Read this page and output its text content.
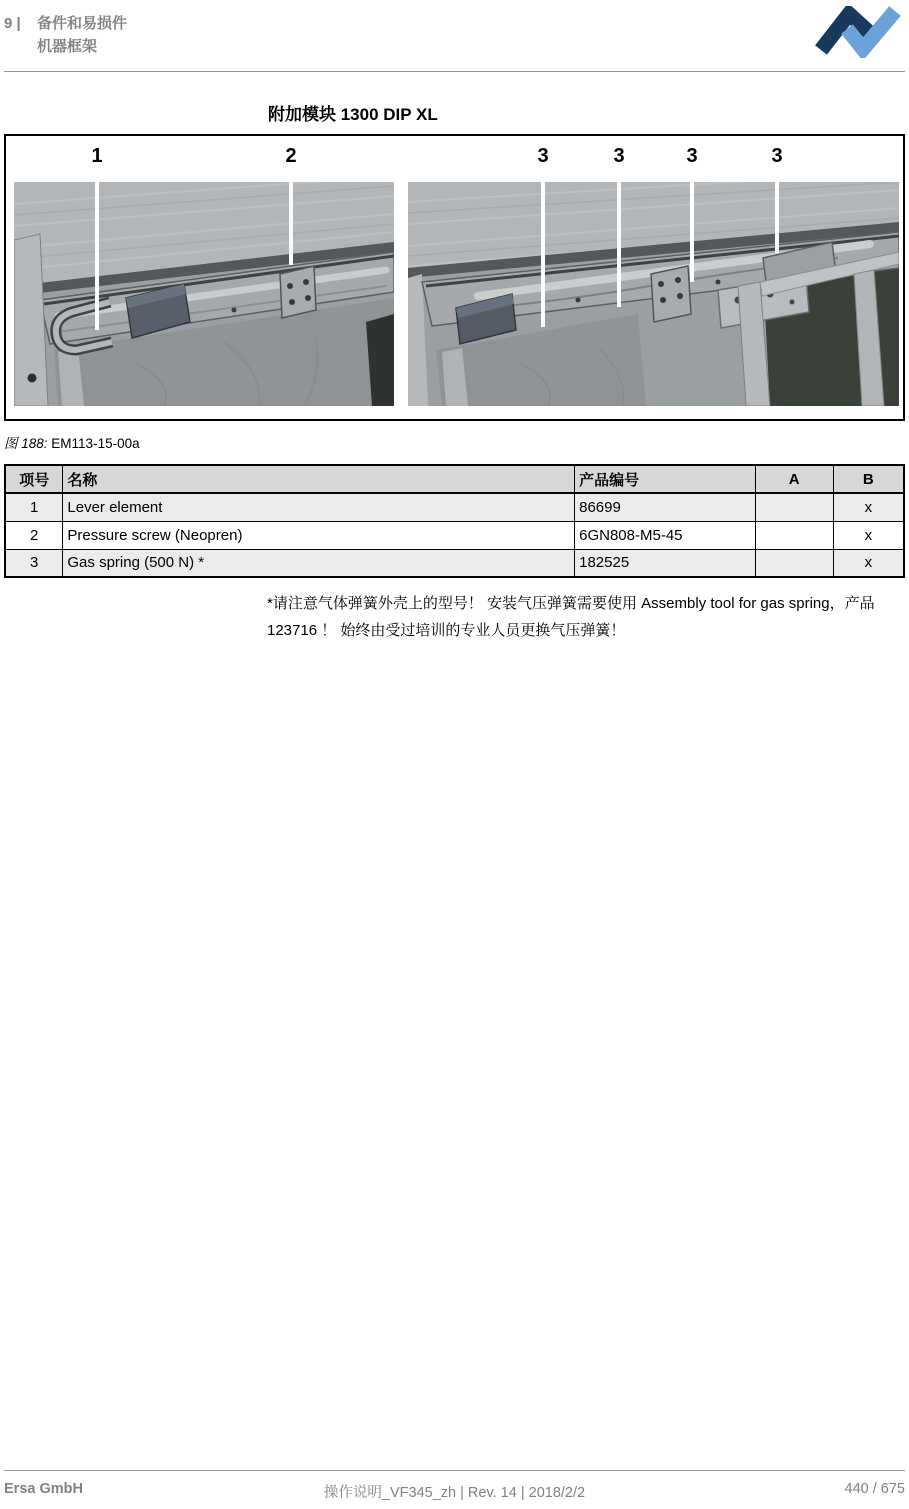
9 |	备件和易损件
机器框架
附加模块 1300 DIP XL
1	2	3	3	3	3
图 188: EM113-15-00a
项号	名称	产品编号	A	B
1	Lever element	86699		x
2	Pressure screw (Neopren)	6GN808-M5-45		x
3	Gas spring (500 N) *	182525		x
*请注意气体弹簧外壳上的型号！ 安装气压弹簧需要使用 Assembly tool for gas spring，产品 123716 ！ 始终由受过培训的专业人员更换气压弹簧！
Ersa GmbH	操作说明_VF345_zh | Rev. 14 | 2018/2/2	440 / 675
